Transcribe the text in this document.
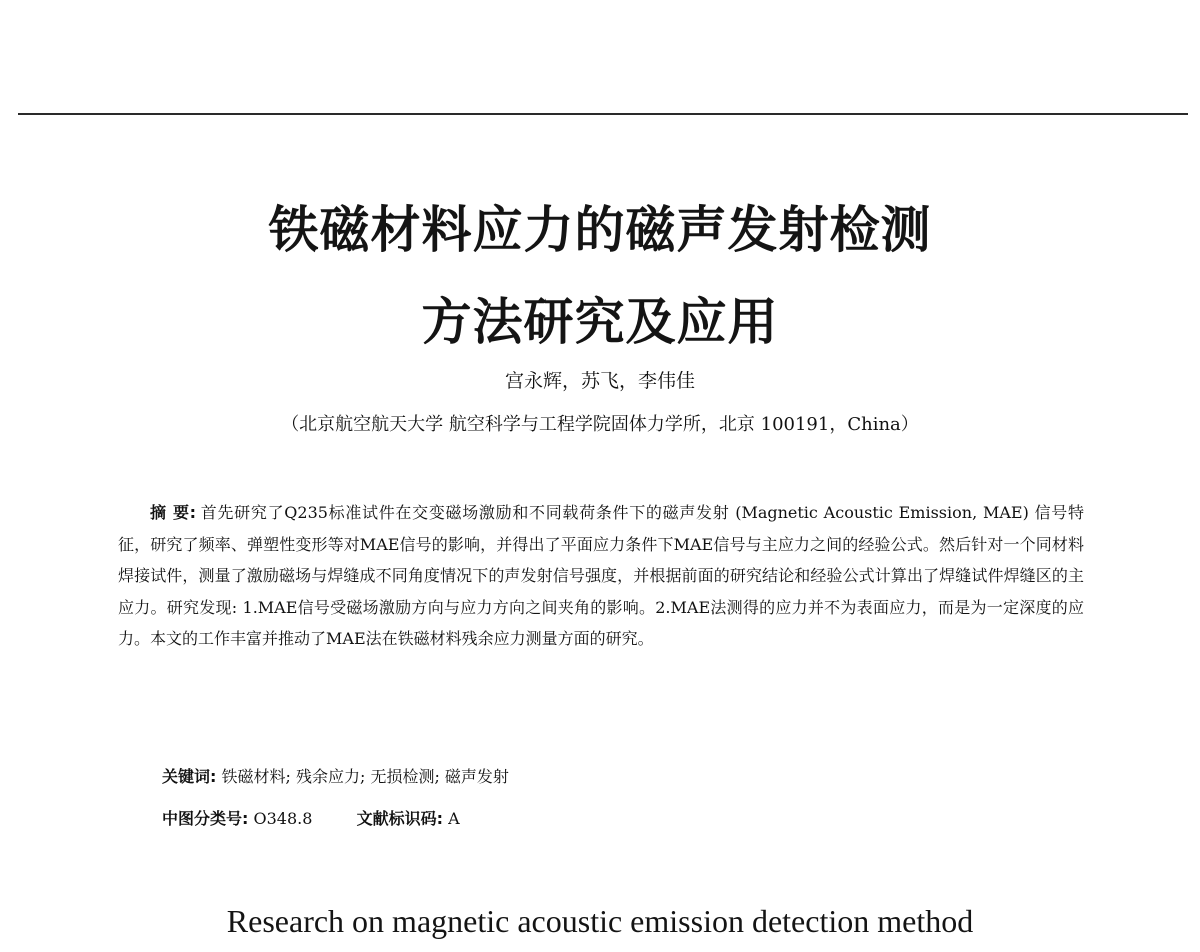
铁磁材料应力的磁声发射检测
方法研究及应用
宫永辉，苏飞，李伟佳
（北京航空航天大学 航空科学与工程学院固体力学所，北京 100191，China）
摘 要: 首先研究了Q235标准试件在交变磁场激励和不同载荷条件下的磁声发射 (Magnetic Acoustic Emission, MAE) 信号特征，研究了频率、弹塑性变形等对MAE信号的影响，并得出了平面应力条件下MAE信号与主应力之间的经验公式。然后针对一个同材料焊接试件，测量了激励磁场与焊缝成不同角度情况下的声发射信号强度，并根据前面的研究结论和经验公式计算出了焊缝试件焊缝区的主应力。研究发现: 1.MAE信号受磁场激励方向与应力方向之间夹角的影响。2.MAE法测得的应力并不为表面应力，而是为一定深度的应力。本文的工作丰富并推动了MAE法在铁磁材料残余应力测量方面的研究。
关键词: 铁磁材料; 残余应力; 无损检测; 磁声发射
中图分类号: O348.8	文献标识码: A
Research on magnetic acoustic emission detection method
